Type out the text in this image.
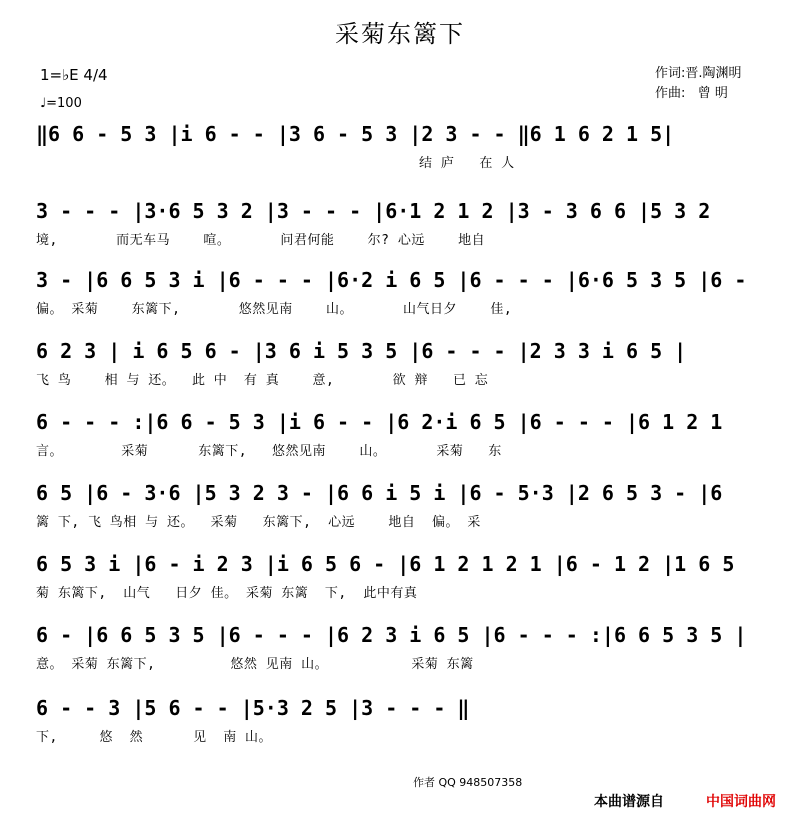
采菊东篱下
1=♭E 4/4
♩=100
作词:晋.陶渊明
作曲:   曾 明
‖6 6 - 5 3 |i 6 - - |3 6 - 5 3 |2 3 - - ‖6 1 6 2 1 5|
结 庐   在 人
3 - - - |3·6 5 3 2 |3 - - - |6·1 2 1 2 |3 - 3 6 6 |5 3 2
境,       而无车马    喧。      问君何能    尔? 心远    地自
3 - |6 6 5 3 i |6 - - - |6·2 i 6 5 |6 - - - |6·6 5 3 5 |6 -
偏。 采菊    东篱下,       悠然见南    山。      山气日夕    佳,
6 2 3 | i 6 5 6 - |3 6 i 5 3 5 |6 - - - |2 3 3 i 6 5 |
飞 鸟    相 与 还。  此 中  有 真    意,       欲 辩   已 忘
6 - - - :|6 6 - 5 3 |i 6 - - |6 2·i 6 5 |6 - - - |6 1 2 1
言。       采菊      东篱下,   悠然见南    山。      采菊   东
6 5 |6 - 3·6 |5 3 2 3 - |6 6 i 5 i |6 - 5·3 |2 6 5 3 - |6
篱 下, 飞 鸟相 与 还。  采菊   东篱下,  心远    地自  偏。 采
6 5 3 i |6 - i 2 3 |i 6 5 6 - |6 1 2 1 2 1 |6 - 1 2 |1 6 5
菊 东篱下,  山气   日夕 佳。 采菊 东篱  下,  此中有真
6 - |6 6 5 3 5 |6 - - - |6 2 3 i 6 5 |6 - - - :|6 6 5 3 5 |
意。 采菊 东篱下,         悠然 见南 山。          采菊 东篱
6 - - 3 |5 6 - - |5·3 2 5 |3 - - - ‖
下,     悠  然      见  南 山。
作者 QQ 948507358
本曲谱源自	中国词曲网
